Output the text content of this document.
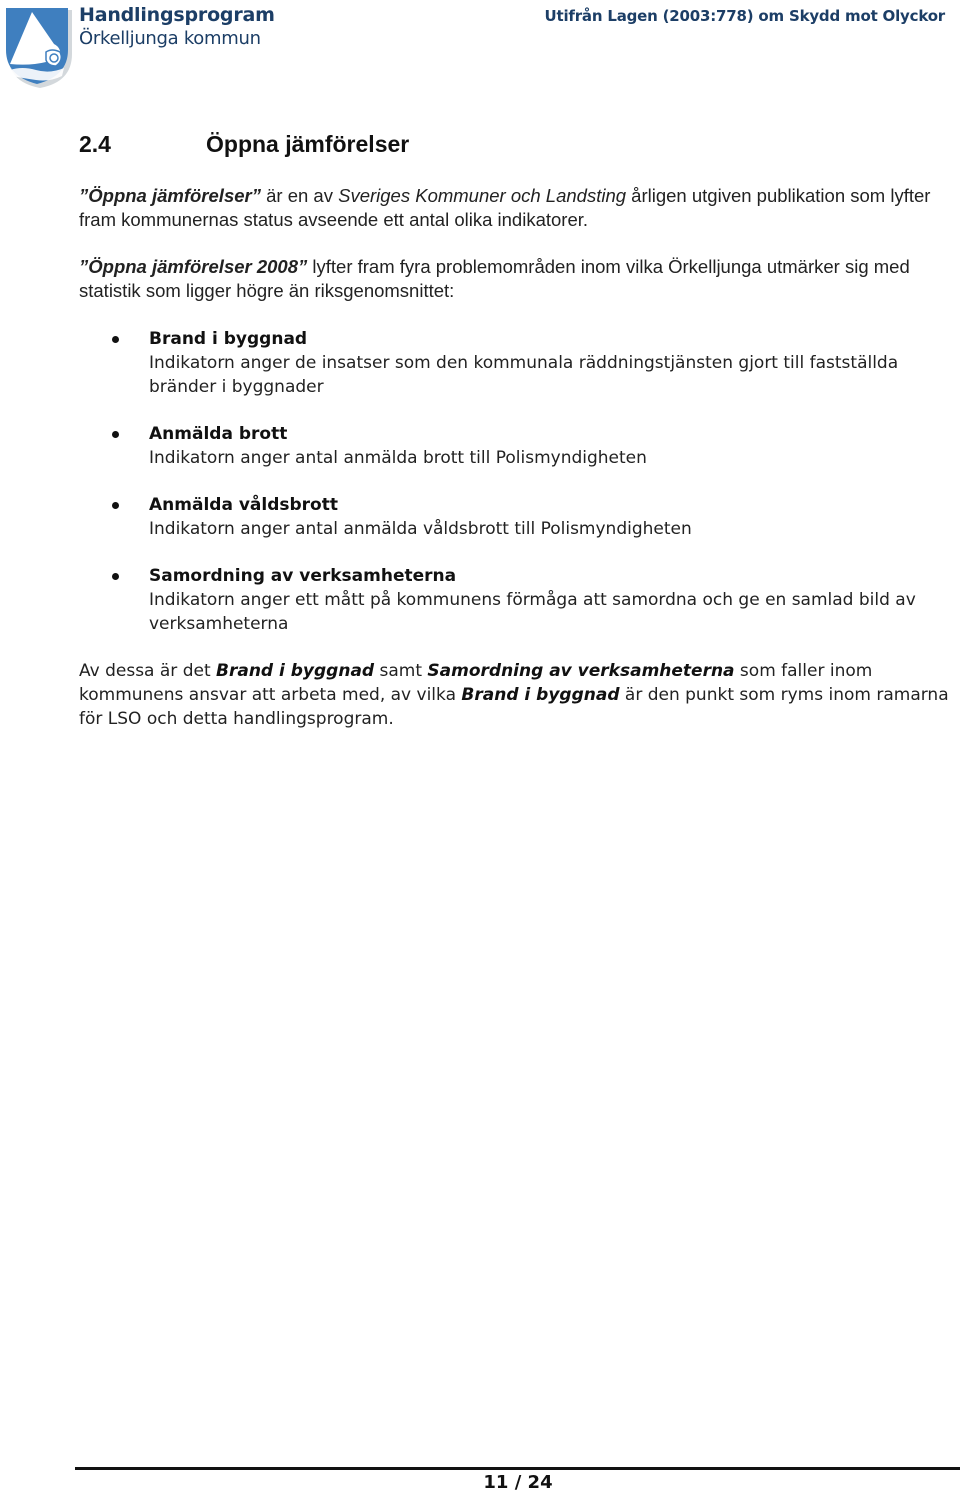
Handlingsprogram
Örkelljunga kommun
Utifrån Lagen (2003:778) om Skydd mot Olyckor
2.4	Öppna jämförelser
”Öppna jämförelser” är en av Sveriges Kommuner och Landsting årligen utgiven publikation som lyfter fram kommunernas status avseende ett antal olika indikatorer.
”Öppna jämförelser 2008” lyfter fram fyra problemområden inom vilka Örkelljunga utmärker sig med statistik som ligger högre än riksgenomsnittet:
Brand i byggnad
Indikatorn anger de insatser som den kommunala räddningstjänsten gjort till fastställda bränder i byggnader
Anmälda brott
Indikatorn anger antal anmälda brott till Polismyndigheten
Anmälda våldsbrott
Indikatorn anger antal anmälda våldsbrott till Polismyndigheten
Samordning av verksamheterna
Indikatorn anger ett mått på kommunens förmåga att samordna och ge en samlad bild av verksamheterna
Av dessa är det Brand i byggnad samt Samordning av verksamheterna som faller inom kommunens ansvar att arbeta med, av vilka Brand i byggnad är den punkt som ryms inom ramarna för LSO och detta handlingsprogram.
11 / 24
